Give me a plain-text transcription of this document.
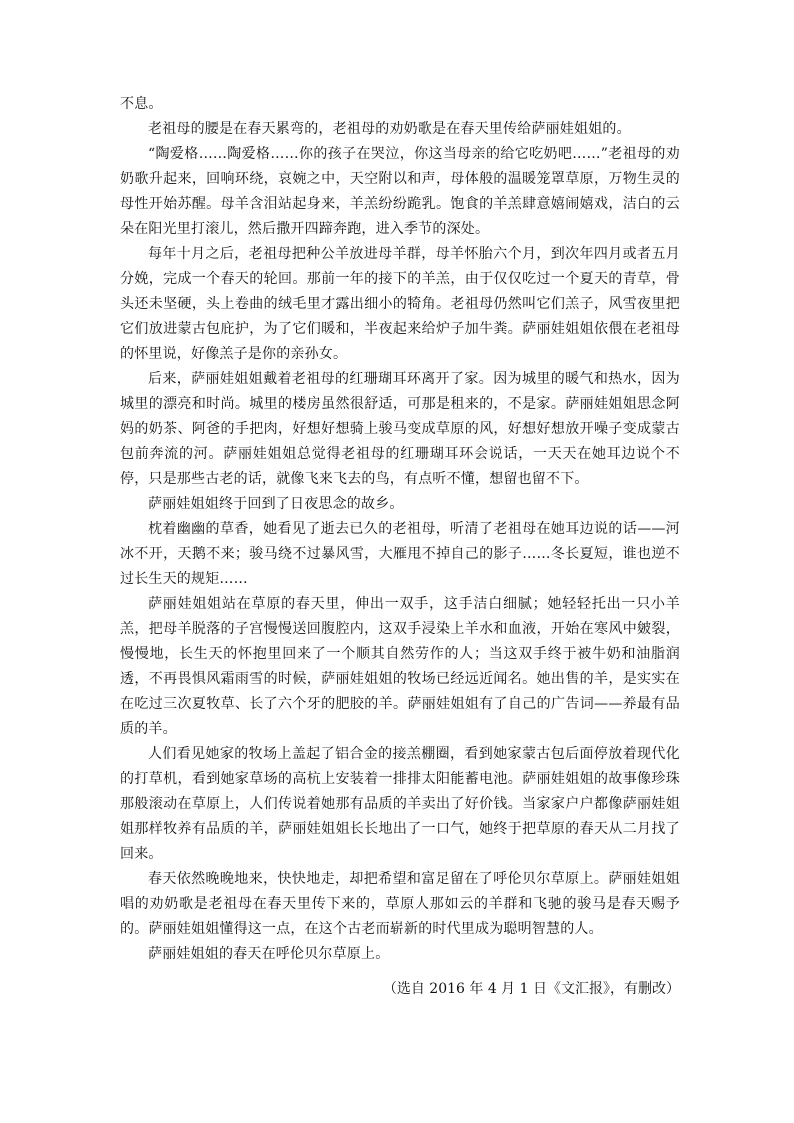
不息。

老祖母的腰是在春天累弯的，老祖母的劝奶歌是在春天里传给萨丽娃姐姐的。

“陶爱格……陶爱格……你的孩子在哭泣，你这当母亲的给它吃奶吧……”老祖母的劝奶歌升起来，回响环绕，哀婉之中，天空附以和声，母体般的温暖笼罩草原，万物生灵的母性开始苏醒。母羊含泪站起身来，羊羔纷纷跪乳。饱食的羊羔肆意嬉闹嬉戏，洁白的云朵在阳光里打滚儿，然后撒开四蹄奔跑，进入季节的深处。

每年十月之后，老祖母把种公羊放进母羊群，母羊怀胎六个月，到次年四月或者五月分娩，完成一个春天的轮回。那前一年的接下的羊羔，由于仅仅吃过一个夏天的青草，骨头还未坚硬，头上卷曲的绒毛里才露出细小的犄角。老祖母仍然叫它们羔子，风雪夜里把它们放进蒙古包庇护，为了它们暖和，半夜起来给炉子加牛粪。萨丽娃姐姐依偎在老祖母的怀里说，好像羔子是你的亲孙女。

后来，萨丽娃姐姐戴着老祖母的红珊瑚耳环离开了家。因为城里的暖气和热水，因为城里的漂亮和时尚。城里的楼房虽然很舒适，可那是租来的，不是家。萨丽娃姐姐思念阿妈的奶茶、阿爸的手把肉，好想好想骑上骏马变成草原的风，好想好想放开噪子变成蒙古包前奔流的河。萨丽娃姐姐总觉得老祖母的红珊瑚耳环会说话，一天天在她耳边说个不停，只是那些古老的话，就像飞来飞去的鸟，有点听不懂，想留也留不下。

萨丽娃姐姐终于回到了日夜思念的故乡。

枕着幽幽的草香，她看见了逝去已久的老祖母，听清了老祖母在她耳边说的话——河冰不开，天鹅不来；骏马绕不过暴风雪，大雁甩不掉自己的影子……冬长夏短，谁也逆不过长生天的规矩……

萨丽娃姐姐站在草原的春天里，伸出一双手，这手洁白细腻；她轻轻托出一只小羊羔，把母羊脱落的子宫慢慢送回腹腔内，这双手浸染上羊水和血液，开始在寒风中皴裂，慢慢地，长生天的怀抱里回来了一个顺其自然劳作的人；当这双手终于被牛奶和油脂润透，不再畏惧风霜雨雪的时候，萨丽娃姐姐的牧场已经远近闻名。她出售的羊，是实实在在吃过三次夏牧草、长了六个牙的肥胶的羊。萨丽娃姐姐有了自己的广告词——养最有品质的羊。

人们看见她家的牧场上盖起了铝合金的接羔棚圈，看到她家蒙古包后面停放着现代化的打草机，看到她家草场的高杭上安装着一排排太阳能蓄电池。萨丽娃姐姐的故事像珍珠那般滚动在草原上，人们传说着她那有品质的羊卖出了好价钱。当家家户户都像萨丽娃姐姐那样牧养有品质的羊，萨丽娃姐姐长长地出了一口气，她终于把草原的春天从二月找了回来。

春天依然晚晚地来，快快地走，却把希望和富足留在了呼伦贝尔草原上。萨丽娃姐姐唱的劝奶歌是老祖母在春天里传下来的，草原人那如云的羊群和飞驰的骏马是春天赐予的。萨丽娃姐姐懂得这一点，在这个古老而崭新的时代里成为聪明智慧的人。

萨丽娃姐姐的春天在呼伦贝尔草原上。

（选自 2016 年 4 月 1 日《文汇报》，有删改）
